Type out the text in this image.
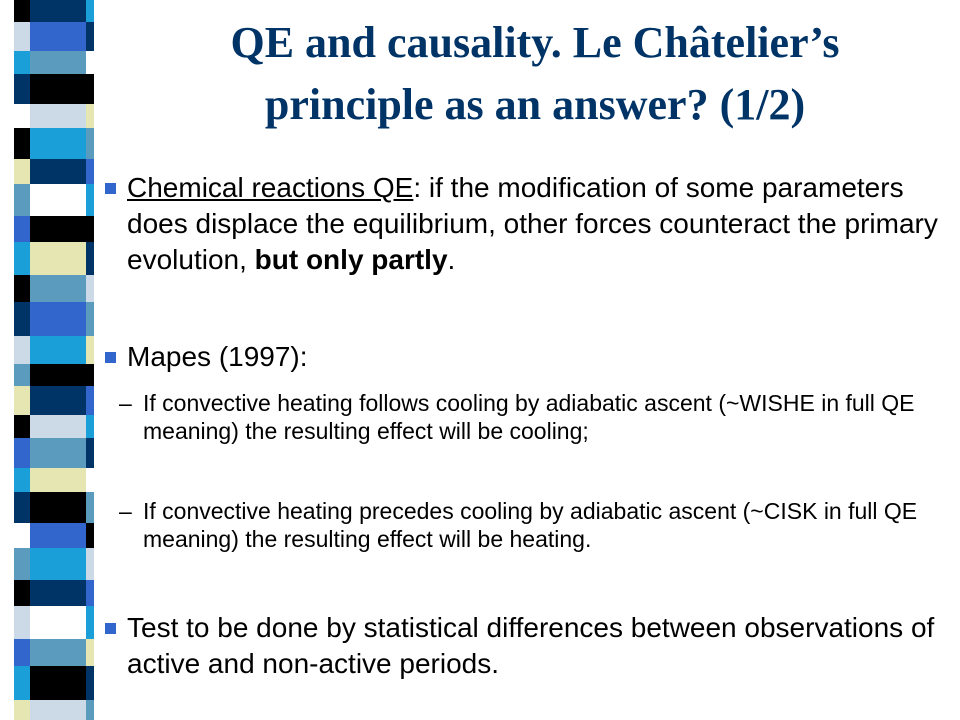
QE and causality. Le Châtelier’s
principle as an answer? (1/2)
Chemical reactions QE: if the modification of some parameters does displace the equilibrium, other forces counteract the primary evolution, but only partly.
Mapes (1997):
– If convective heating follows cooling by adiabatic ascent (~WISHE in full QE meaning) the resulting effect will be cooling;
– If convective heating precedes cooling by adiabatic ascent (~CISK in full QE meaning) the resulting effect will be heating.
Test to be done by statistical differences between observations of active and non-active periods.
